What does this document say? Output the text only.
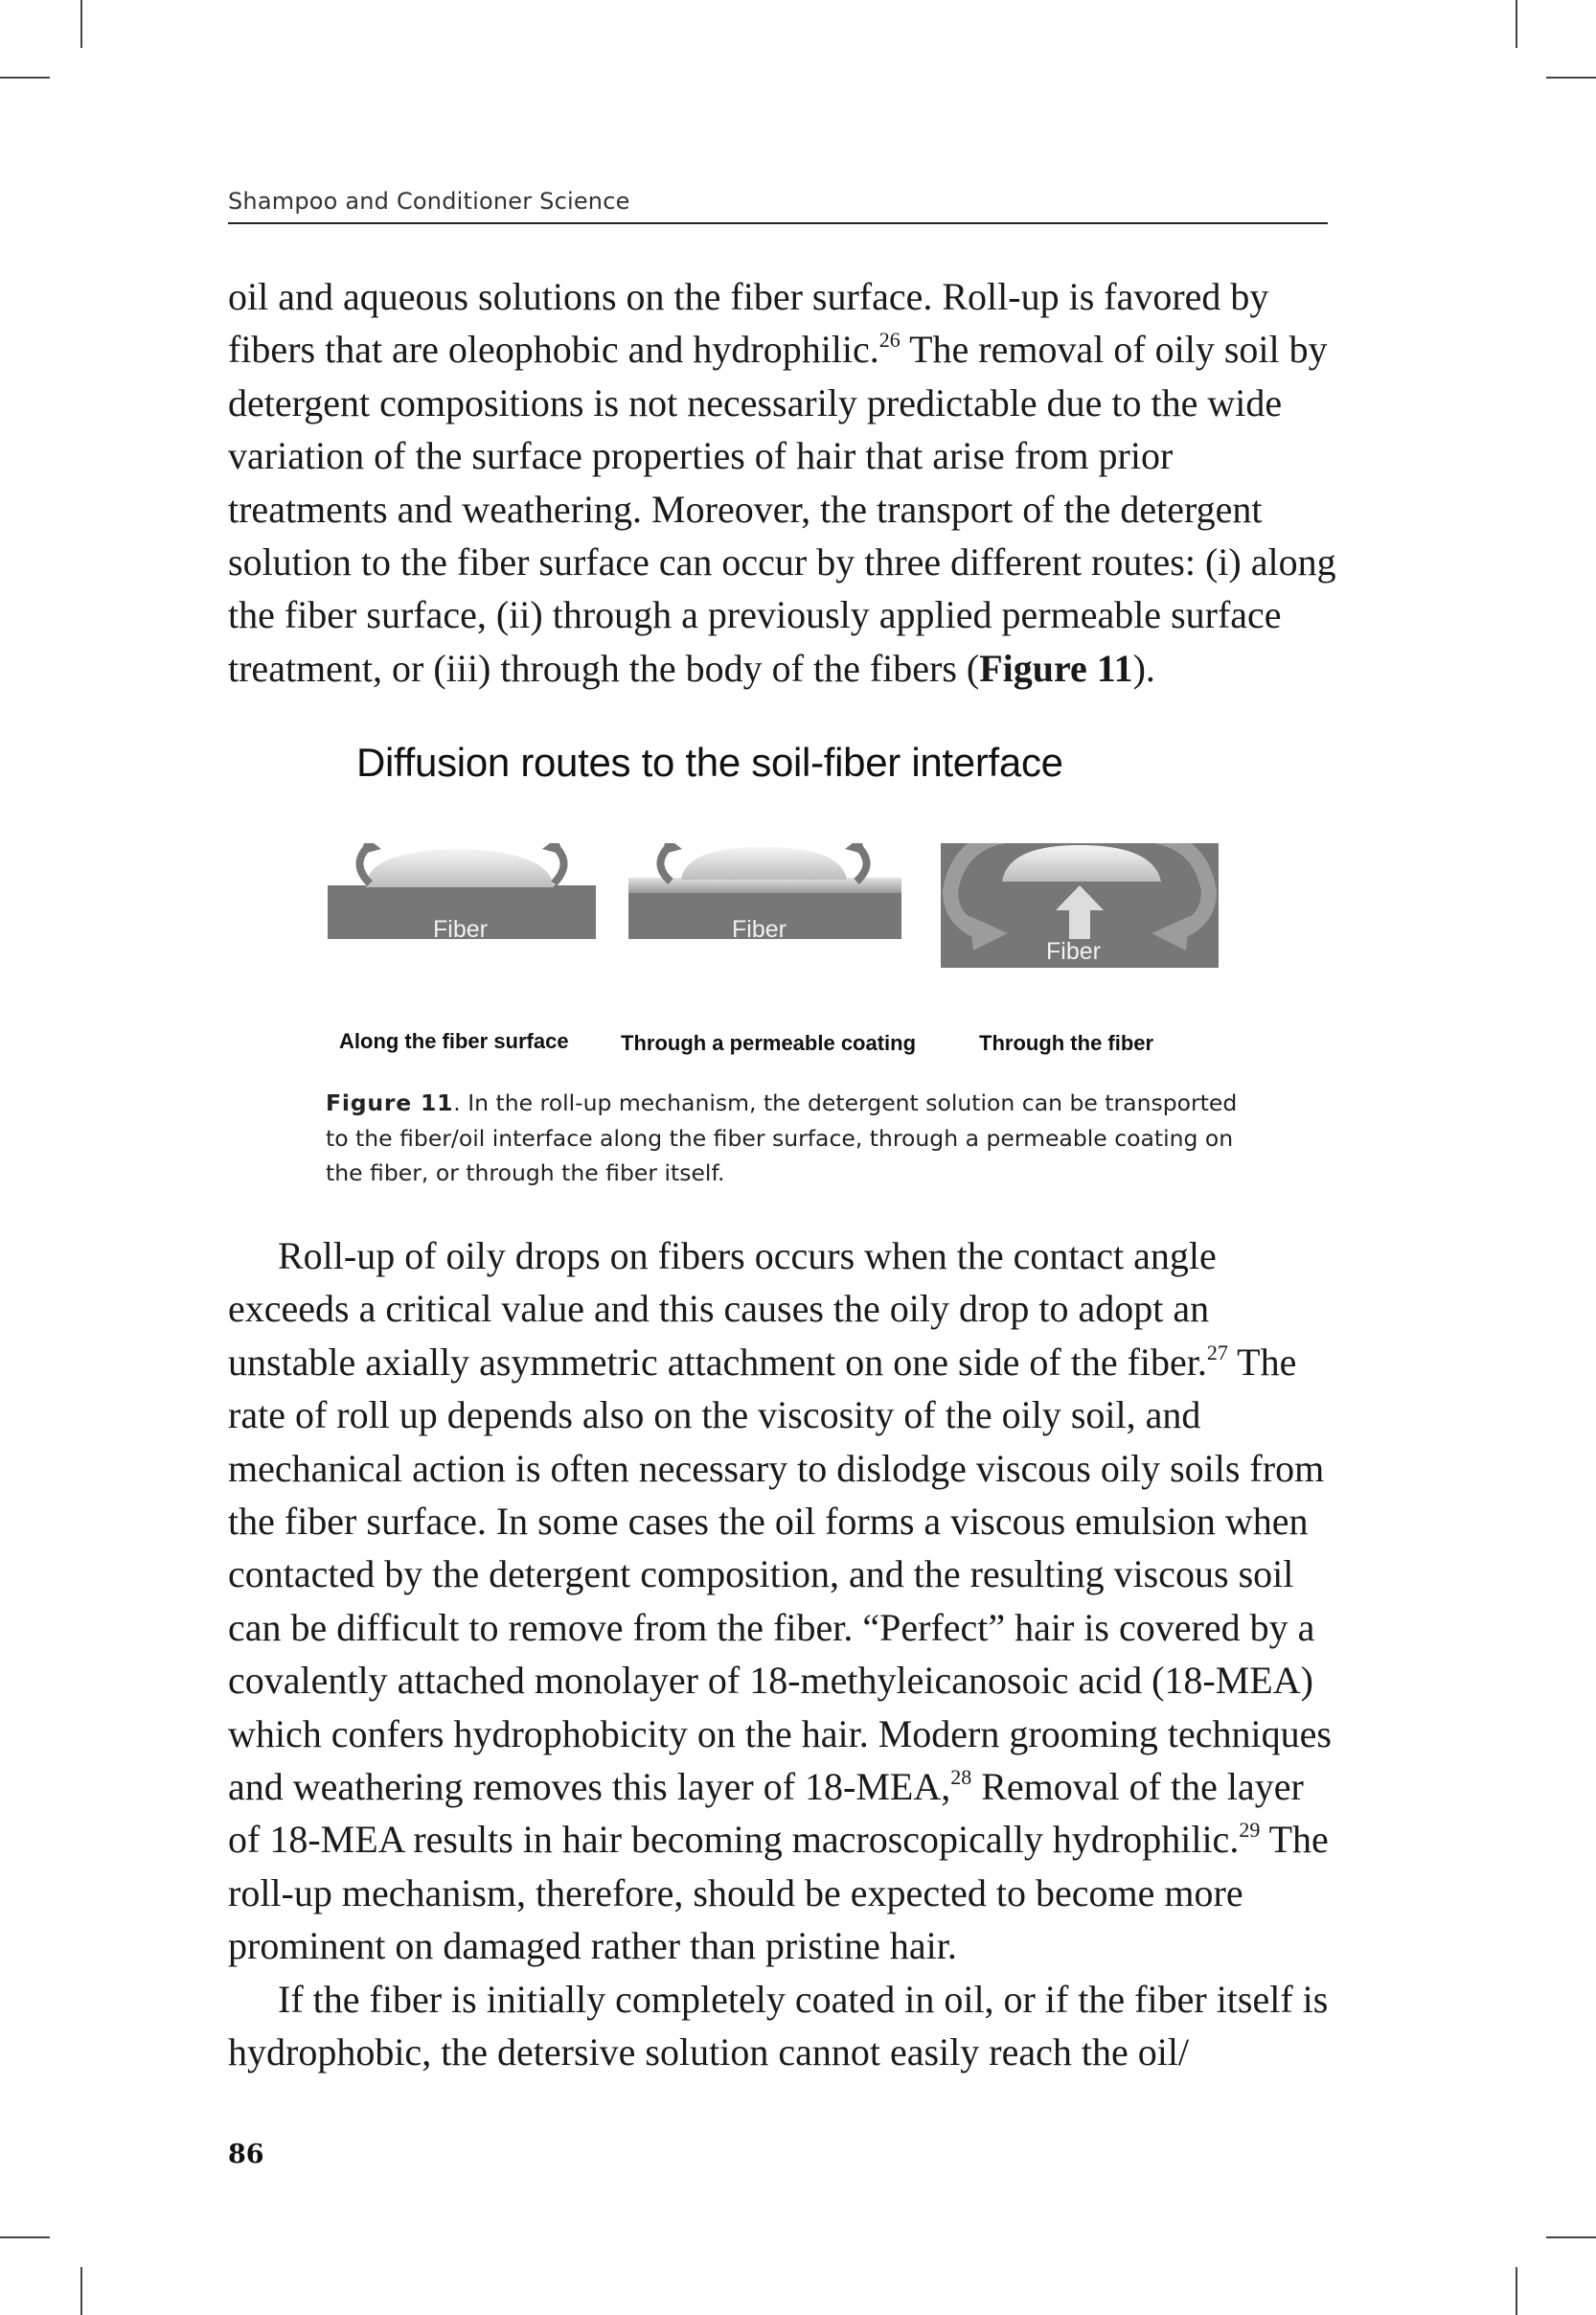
Shampoo and Conditioner Science

oil and aqueous solutions on the fiber surface. Roll-up is favored by fibers that are oleophobic and hydrophilic.$^{26}$ The removal of oily soil by detergent compositions is not necessarily predictable due to the wide variation of the surface properties of hair that arise from prior treatments and weathering. Moreover, the transport of the detergent solution to the fiber surface can occur by three different routes: (i) along the fiber surface, (ii) through a previously applied permeable surface treatment, or (iii) through the body of the fibers (Figure 11).

Diffusion routes to the soil-fiber interface
Fiber	Fiber
Fiber
Along the fiber surface Through a permeable coating	Through the fiber
Figure 11. In the roll-up mechanism, the detergent solution can be transported to the fiber/oil interface along the fiber surface, through a permeable coating on the fiber, or through the fiber itself.

Roll-up of oily drops on fibers occurs when the contact angle exceeds a critical value and this causes the oily drop to adopt an unstable axially asymmetric attachment on one side of the fiber.$^{27}$ The rate of roll up depends also on the viscosity of the oily soil, and mechanical action is often necessary to dislodge viscous oily soils from the fiber surface. In some cases the oil forms a viscous emulsion when contacted by the detergent composition, and the resulting viscous soil can be difficult to remove from the fiber. “Perfect” hair is covered by a covalently attached monolayer of 18-methyleicanosoic acid (18-MEA) which confers hydrophobicity on the hair. Modern grooming techniques and weathering removes this layer of 18-MEA,$^{28}$ Removal of the layer of 18-MEA results in hair becoming macroscopically hydrophilic.$^{29}$ The roll-up mechanism, therefore, should be expected to become more prominent on damaged rather than pristine hair.

If the fiber is initially completely coated in oil, or if the fiber itself is hydrophobic, the detersive solution cannot easily reach the oil/

86
